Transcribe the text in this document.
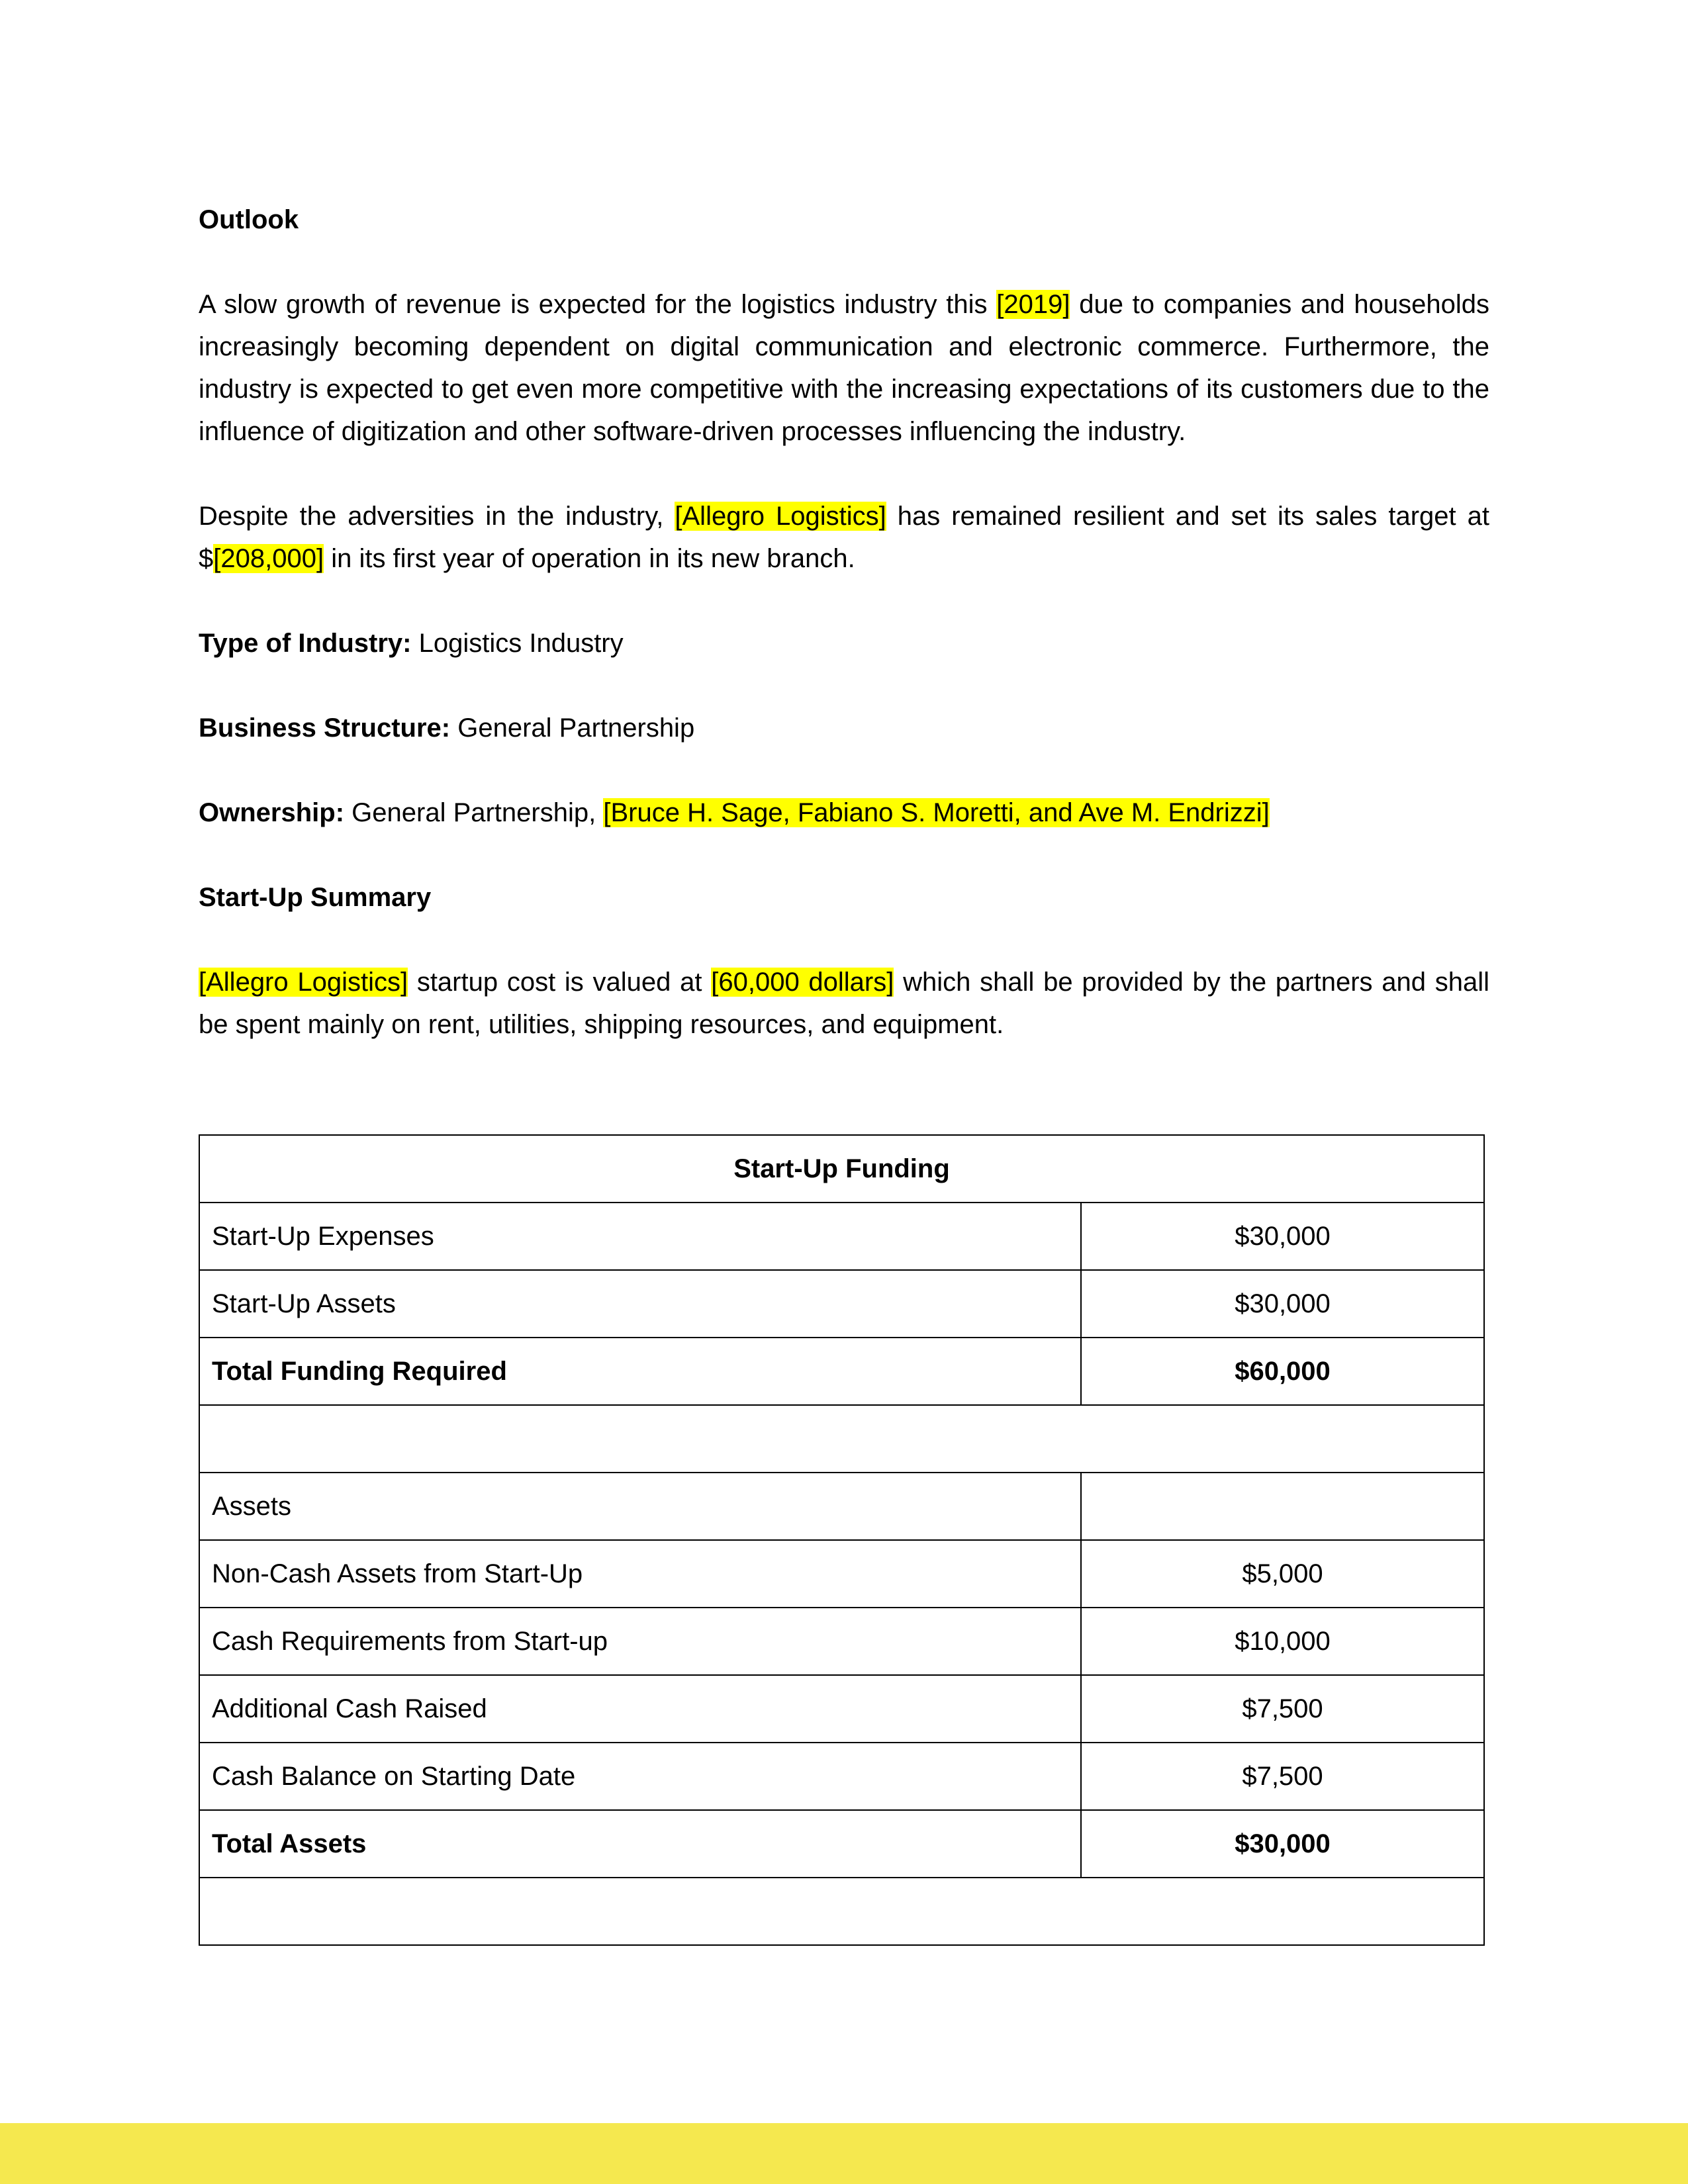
Outlook

A slow growth of revenue is expected for the logistics industry this [2019] due to companies and households increasingly becoming dependent on digital communication and electronic commerce. Furthermore, the industry is expected to get even more competitive with the increasing expectations of its customers due to the influence of digitization and other software-driven processes influencing the industry.

Despite the adversities in the industry, [Allegro Logistics] has remained resilient and set its sales target at $[208,000] in its first year of operation in its new branch.

Type of Industry: Logistics Industry

Business Structure: General Partnership

Ownership: General Partnership, [Bruce H. Sage, Fabiano S. Moretti, and Ave M. Endrizzi]

Start-Up Summary

[Allegro Logistics] startup cost is valued at [60,000 dollars] which shall be provided by the partners and shall be spent mainly on rent, utilities, shipping resources, and equipment.

Start-Up Funding	
Start-Up Expenses	$30,000
Start-Up Assets	$30,000
Total Funding Required	$60,000

Assets	
Non-Cash Assets from Start-Up	$5,000
Cash Requirements from Start-up	$10,000
Additional Cash Raised	$7,500
Cash Balance on Starting Date	$7,500
Total Assets	$30,000
